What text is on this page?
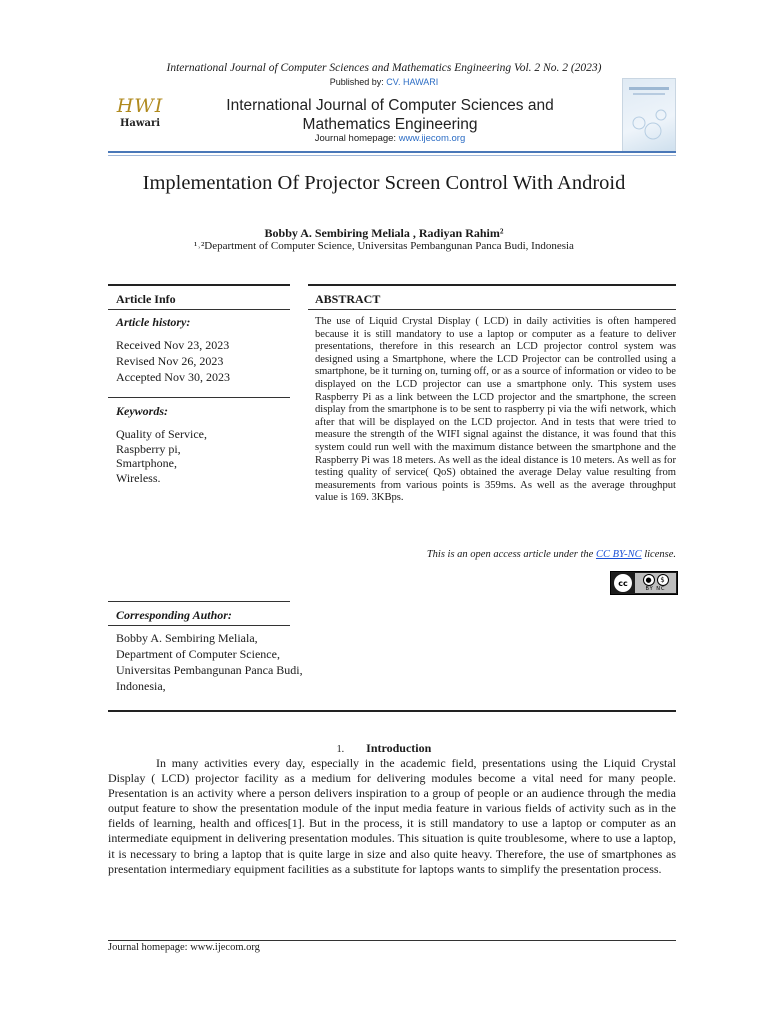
International Journal of Computer Sciences and Mathematics Engineering Vol. 2 No. 2 (2023)
Published by: CV. HAWARI
HWI
Hawari
International Journal of Computer Sciences and Mathematics Engineering
Journal homepage: www.ijecom.org
Implementation Of Projector Screen Control With Android
Bobby A. Sembiring Meliala , Radiyan Rahim²
¹˒²Department of Computer Science, Universitas Pembangunan Panca Budi, Indonesia
Article Info
Article history:
Received Nov 23, 2023
Revised Nov 26, 2023
Accepted Nov 30, 2023
Keywords:
Quality of Service,
Raspberry pi,
Smartphone,
Wireless.
ABSTRACT
The use of Liquid Crystal Display ( LCD) in daily activities is often hampered because it is still mandatory to use a laptop or computer as a feature to deliver presentations, therefore in this research an LCD projector control system was designed using a Smartphone, where the LCD Projector can be controlled using a smartphone, be it turning on, turning off, or as a source of information or video to be displayed on the LCD projector can use a smartphone only. This system uses Raspberry Pi as a link between the LCD projector and the smartphone, the screen display from the smartphone is to be sent to raspberry pi via the wifi network, which after that will be displayed on the LCD projector. And in tests that were tried to measure the strength of the WIFI signal against the distance, it was found that this system could run well with the maximum distance between the smartphone and the Raspberry Pi was 18 meters. As well as the ideal distance is 10 meters. As well as for testing quality of service( QoS) obtained the average Delay value resulting from measurements from various points is 359ms. As well as the average throughput value is 169. 3KBps.
This is an open access article under the CC BY-NC license.
cc	●	$
BY NC
Corresponding Author:
Bobby A. Sembiring Meliala,
Department of Computer Science,
Universitas Pembangunan Panca Budi,
Indonesia,
1. Introduction
In many activities every day, especially in the academic field, presentations using the Liquid Crystal Display ( LCD) projector facility as a medium for delivering modules become a vital need for many people. Presentation is an activity where a person delivers inspiration to a group of people or an audience through the media output feature to show the presentation module of the input media feature in various fields of activity such as in the fields of learning, health and offices[1]. But in the process, it is still mandatory to use a laptop or computer as an intermediate equipment in delivering presentation modules. This situation is quite troublesome, where to use a laptop, it is necessary to bring a laptop that is quite large in size and also quite heavy. Therefore, the use of smartphones as presentation intermediary equipment facilities as a substitute for laptops wants to simplify the presentation process.
Journal homepage: www.ijecom.org
